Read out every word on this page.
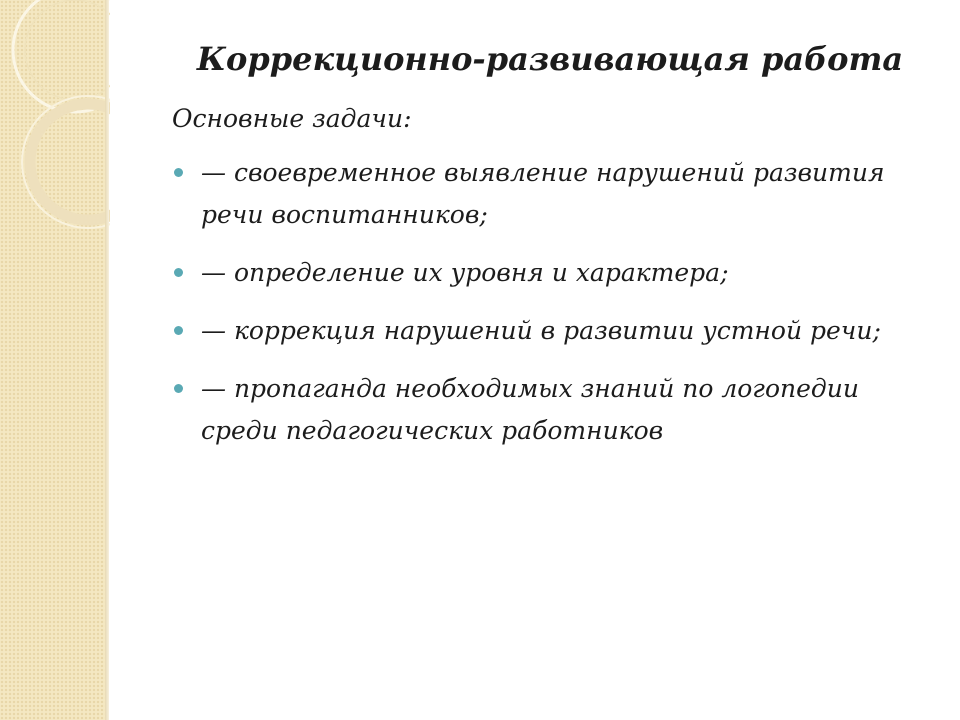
Коррекционно-развивающая работа

Основные задачи:

— своевременное выявление нарушений развития речи воспитанников;
— определение их уровня и характера;
— коррекция нарушений в развитии устной речи;
— пропаганда необходимых знаний по логопедии среди педагогических работников
